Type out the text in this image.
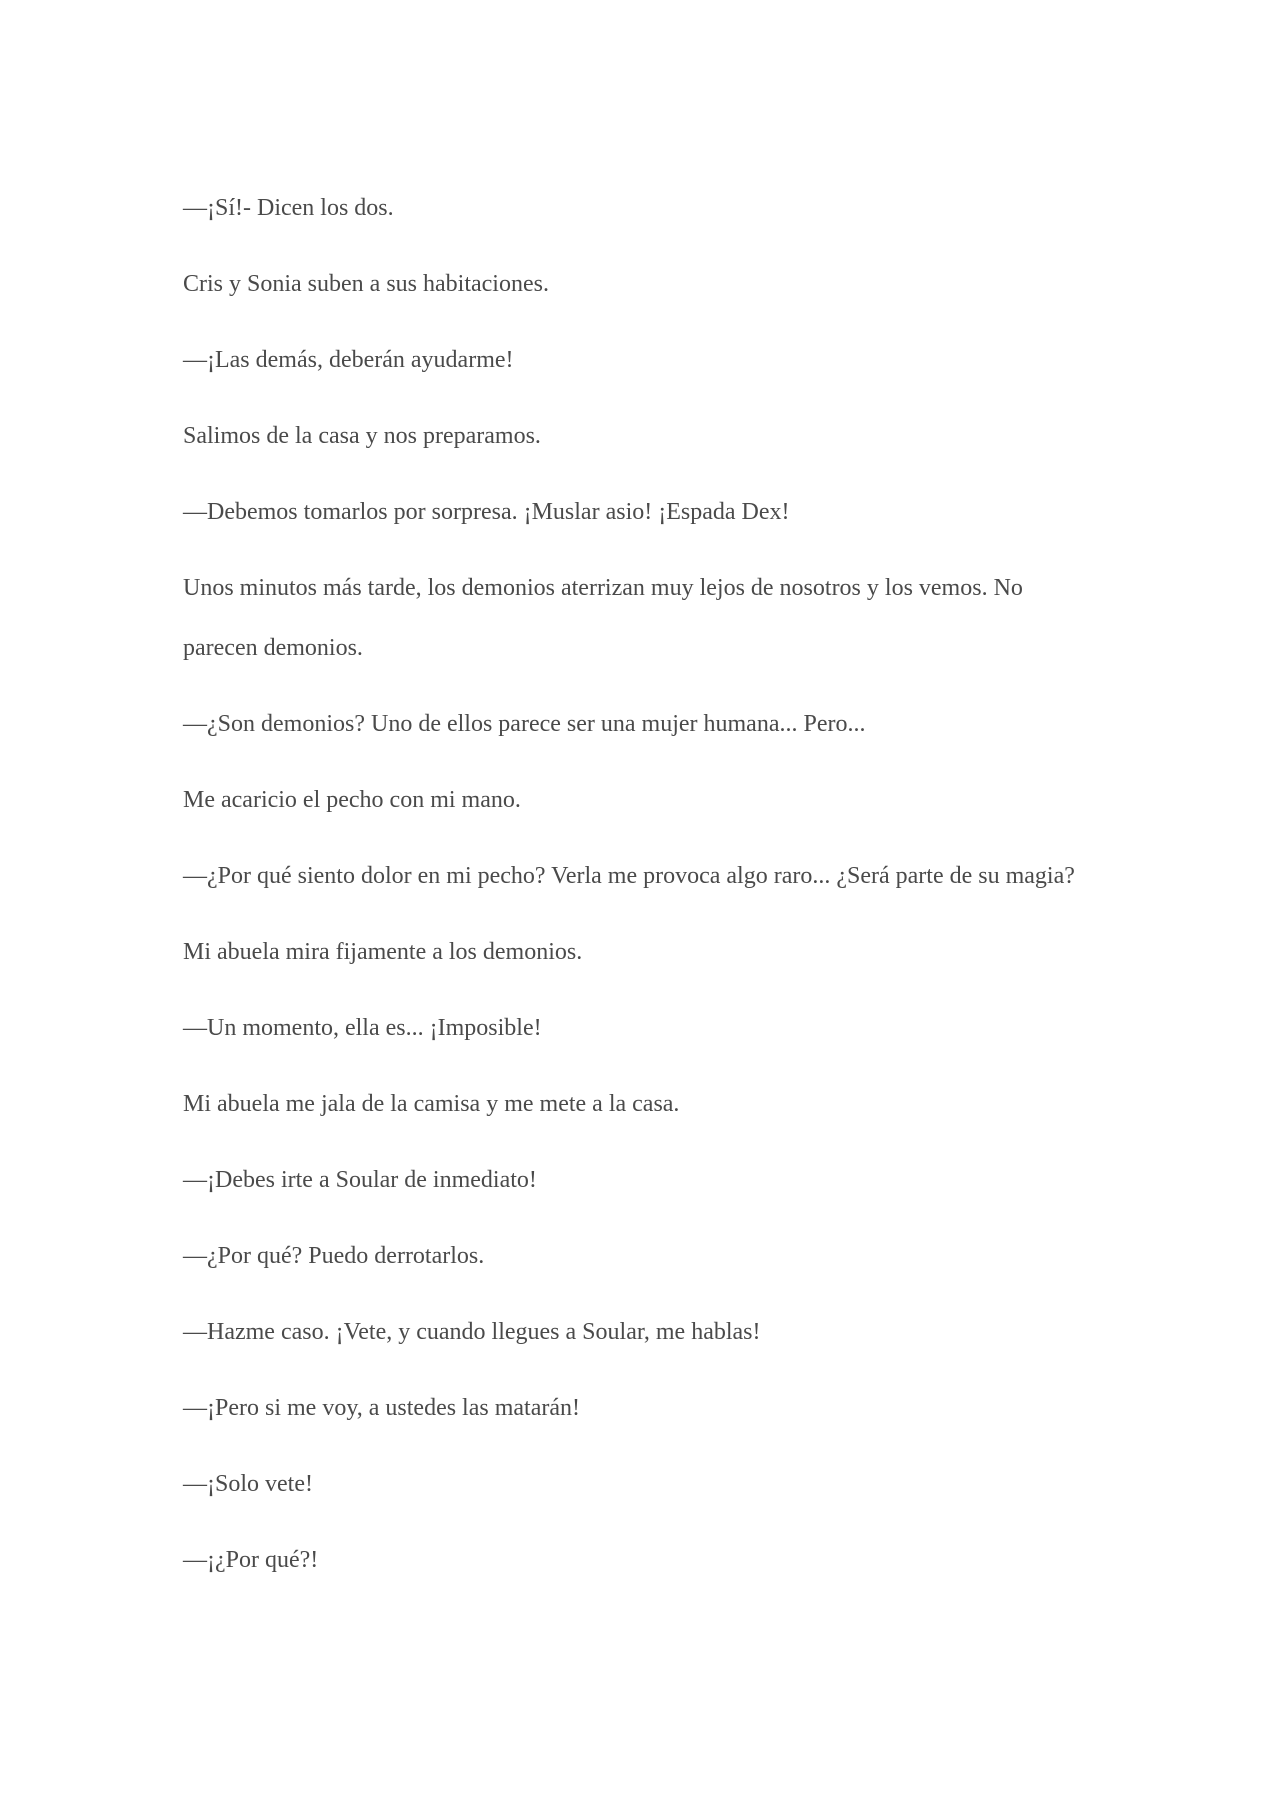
—¡Sí!- Dicen los dos.

Cris y Sonia suben a sus habitaciones.

—¡Las demás, deberán ayudarme!

Salimos de la casa y nos preparamos.

—Debemos tomarlos por sorpresa. ¡Muslar asio! ¡Espada Dex!

Unos minutos más tarde, los demonios aterrizan muy lejos de nosotros y los vemos. No parecen demonios.

—¿Son demonios? Uno de ellos parece ser una mujer humana... Pero...

Me acaricio el pecho con mi mano.

—¿Por qué siento dolor en mi pecho? Verla me provoca algo raro... ¿Será parte de su magia?

Mi abuela mira fijamente a los demonios.

—Un momento, ella es... ¡Imposible!

Mi abuela me jala de la camisa y me mete a la casa.

—¡Debes irte a Soular de inmediato!

—¿Por qué? Puedo derrotarlos.

—Hazme caso. ¡Vete, y cuando llegues a Soular, me hablas!

—¡Pero si me voy, a ustedes las matarán!

—¡Solo vete!

—¡¿Por qué?!
